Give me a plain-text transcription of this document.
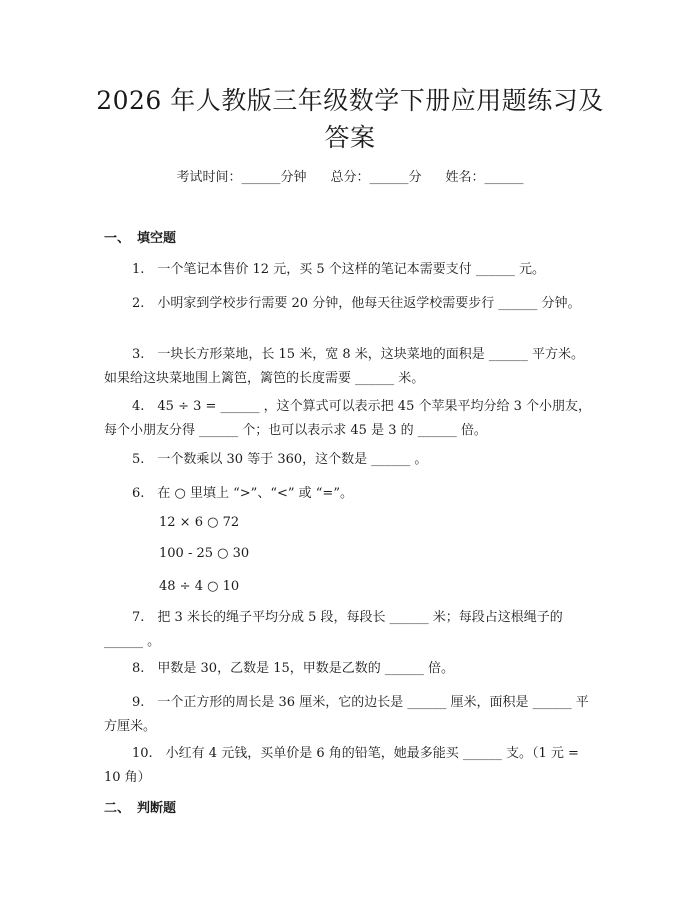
2026 年人教版三年级数学下册应用题练习及
答案
考试时间：______分钟 总分：______分 姓名：______
一、 填空题
1.　一个笔记本售价 12 元，买 5 个这样的笔记本需要支付 ______ 元。
2.　小明家到学校步行需要 20 分钟，他每天往返学校需要步行 ______ 分钟。
3.　一块长方形菜地，长 15 米，宽 8 米，这块菜地的面积是 ______ 平方米。如果给这块菜地围上篱笆，篱笆的长度需要 ______ 米。
4.　45 ÷ 3 = ______ ，这个算式可以表示把 45 个苹果平均分给 3 个小朋友，每个小朋友分得 ______ 个；也可以表示求 45 是 3 的 ______ 倍。
5.　一个数乘以 30 等于 360，这个数是 ______ 。
6.　在 ○ 里填上 “>”、“<” 或 “=”。
12 × 6 ○ 72
100 - 25 ○ 30
48 ÷ 4 ○ 10
7.　把 3 米长的绳子平均分成 5 段，每段长 ______ 米；每段占这根绳子的 ______ 。
8.　甲数是 30，乙数是 15，甲数是乙数的 ______ 倍。
9.　一个正方形的周长是 36 厘米，它的边长是 ______ 厘米，面积是 ______ 平方厘米。
10.　小红有 4 元钱，买单价是 6 角的铅笔，她最多能买 ______ 支。（1 元 = 10 角）
二、 判断题
